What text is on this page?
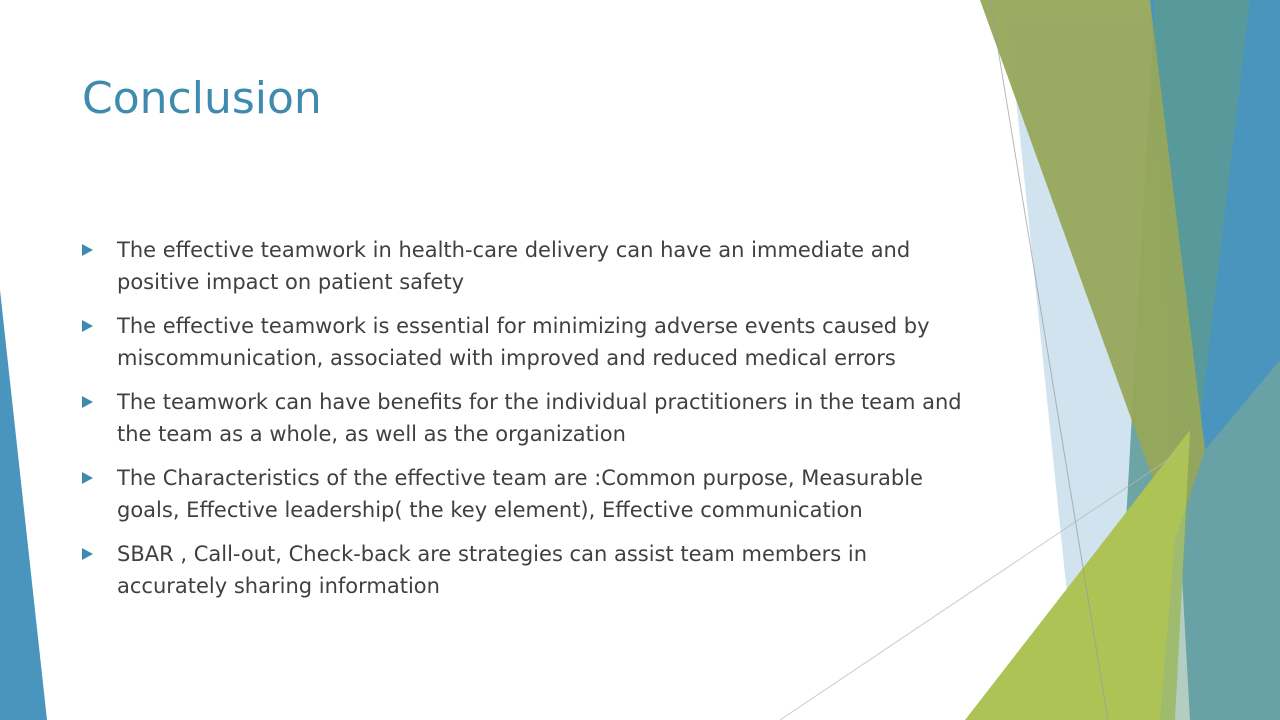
Conclusion
The effective teamwork in health-care delivery can have an immediate and positive impact on patient safety
The effective teamwork is essential for minimizing adverse events caused by miscommunication, associated with improved and reduced medical errors
The teamwork can have benefits for the individual practitioners in the team and the team as a whole, as well as the organization
The Characteristics of the effective team are :Common purpose, Measurable goals, Effective leadership( the key element), Effective communication
SBAR , Call-out, Check-back are strategies can assist team members in accurately sharing information
